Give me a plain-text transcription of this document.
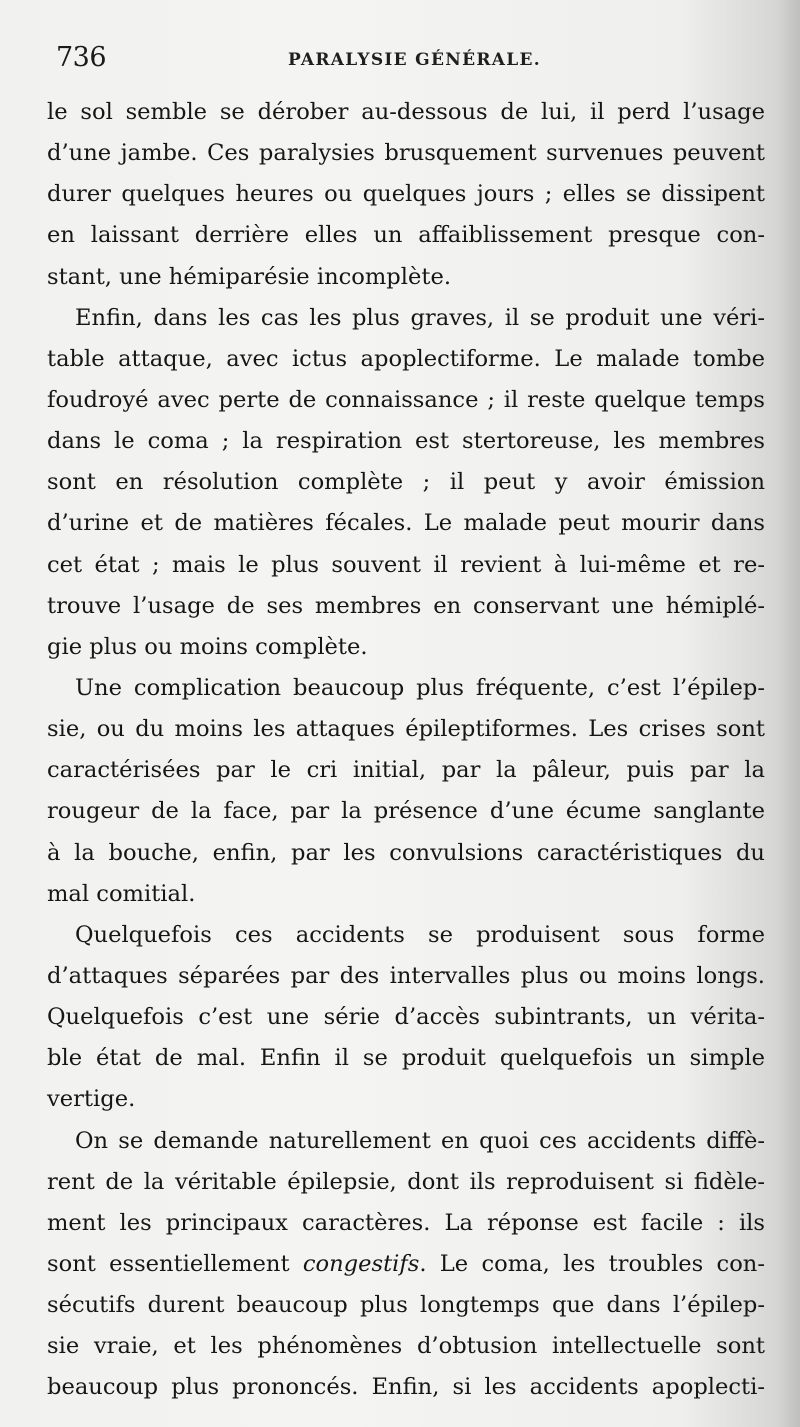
736	PARALYSIE GÉNÉRALE.
le sol semble se dérober au-dessous de lui, il perd l’usage
d’une jambe. Ces paralysies brusquement survenues peuvent
durer quelques heures ou quelques jours ; elles se dissipent
en laissant derrière elles un affaiblissement presque con-
stant, une hémiparésie incomplète.
Enfin, dans les cas les plus graves, il se produit une véri-
table attaque, avec ictus apoplectiforme. Le malade tombe
foudroyé avec perte de connaissance ; il reste quelque temps
dans le coma ; la respiration est stertoreuse, les membres
sont en résolution complète ; il peut y avoir émission
d’urine et de matières fécales. Le malade peut mourir dans
cet état ; mais le plus souvent il revient à lui-même et re-
trouve l’usage de ses membres en conservant une hémiplé-
gie plus ou moins complète.
Une complication beaucoup plus fréquente, c’est l’épilep-
sie, ou du moins les attaques épileptiformes. Les crises sont
caractérisées par le cri initial, par la pâleur, puis par la
rougeur de la face, par la présence d’une écume sanglante
à la bouche, enfin, par les convulsions caractéristiques du
mal comitial.
Quelquefois ces accidents se produisent sous forme
d’attaques séparées par des intervalles plus ou moins longs.
Quelquefois c’est une série d’accès subintrants, un vérita-
ble état de mal. Enfin il se produit quelquefois un simple
vertige.
On se demande naturellement en quoi ces accidents diffè-
rent de la véritable épilepsie, dont ils reproduisent si fidèle-
ment les principaux caractères. La réponse est facile : ils
sont essentiellement congestifs. Le coma, les troubles con-
sécutifs durent beaucoup plus longtemps que dans l’épilep-
sie vraie, et les phénomènes d’obtusion intellectuelle sont
beaucoup plus prononcés. Enfin, si les accidents apoplecti-
